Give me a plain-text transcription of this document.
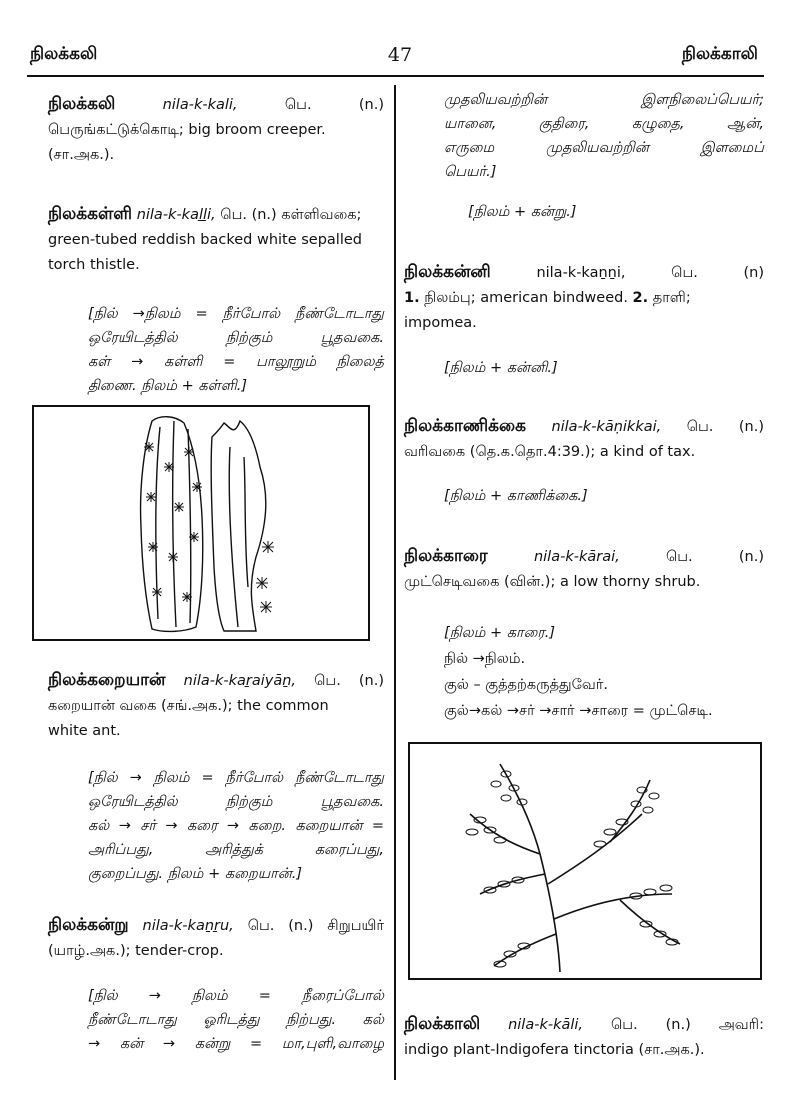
நிலக்கலி	47	நிலக்காலி
நிலக்கலி	nila-k-kali,	பெ. (n.)
பெருங்கட்டுக்கொடி; big broom creeper.
(சா.அக.).
நிலக்கள்ளி nila-k-kaḻḻi, பெ. (n.) கள்ளிவகை;
green-tubed reddish backed white sepalled
torch thistle.
[நில் →நிலம் = நீர்போல் நீண்டோடாது
ஒரேயிடத்தில் நிற்கும் பூதவகை.
கள் → கள்ளி = பாலூறும் நிலைத்
திணை. நிலம் + கள்ளி.]
நிலக்கறையான் nila-k-kaṟaiyāṉ, பெ. (n.)
கறையான் வகை (சங்.அக.); the common
white ant.
[நில் → நிலம் = நீர்போல் நீண்டோடாது
ஒரேயிடத்தில் நிற்கும் பூதவகை.
கல் → சர் → கரை → கறை. கறையான் =
அரிப்பது, அரித்துக் கரைப்பது,
குறைப்பது. நிலம் + கறையான்.]
நிலக்கன்று nila-k-kaṉṟu, பெ. (n.) சிறுபயிர்
(யாழ்.அக.); tender-crop.
[நில் → நிலம் = நீரைப்போல்
நீண்டோடாது ஓரிடத்து நிற்பது. கல்
→ கன் → கன்று = மா,புளி,வாழை
முதலியவற்றின் இளநிலைப்பெயர்;
யானை, குதிரை, கழுதை, ஆன்,
எருமை முதலியவற்றின் இளமைப்
பெயர்.]
[நிலம் + கன்று.]
நிலக்கன்னி	nila-k-kaṉṉi,	பெ. (n)
1. நிலம்பு; american bindweed. 2. தாளி;
impomea.
[நிலம் + கன்னி.]
நிலக்காணிக்கை nila-k-kāṇikkai, பெ. (n.)
வரிவகை (தெ.க.தொ.4:39.); a kind of tax.
[நிலம் + காணிக்கை.]
நிலக்காரை	nila-k-kārai,	பெ. (n.)
முட்செடிவகை (வின்.); a low thorny shrub.
[நிலம் + காரை.]
நில் →நிலம்.
குல் – குத்தற்கருத்துவேர்.
குல்→கல் →சர் →சார் →சாரை = முட்செடி.
நிலக்காலி nila-k-kāli, பெ. (n.) அவரி:
indigo plant-Indigofera tinctoria (சா.அக.).
